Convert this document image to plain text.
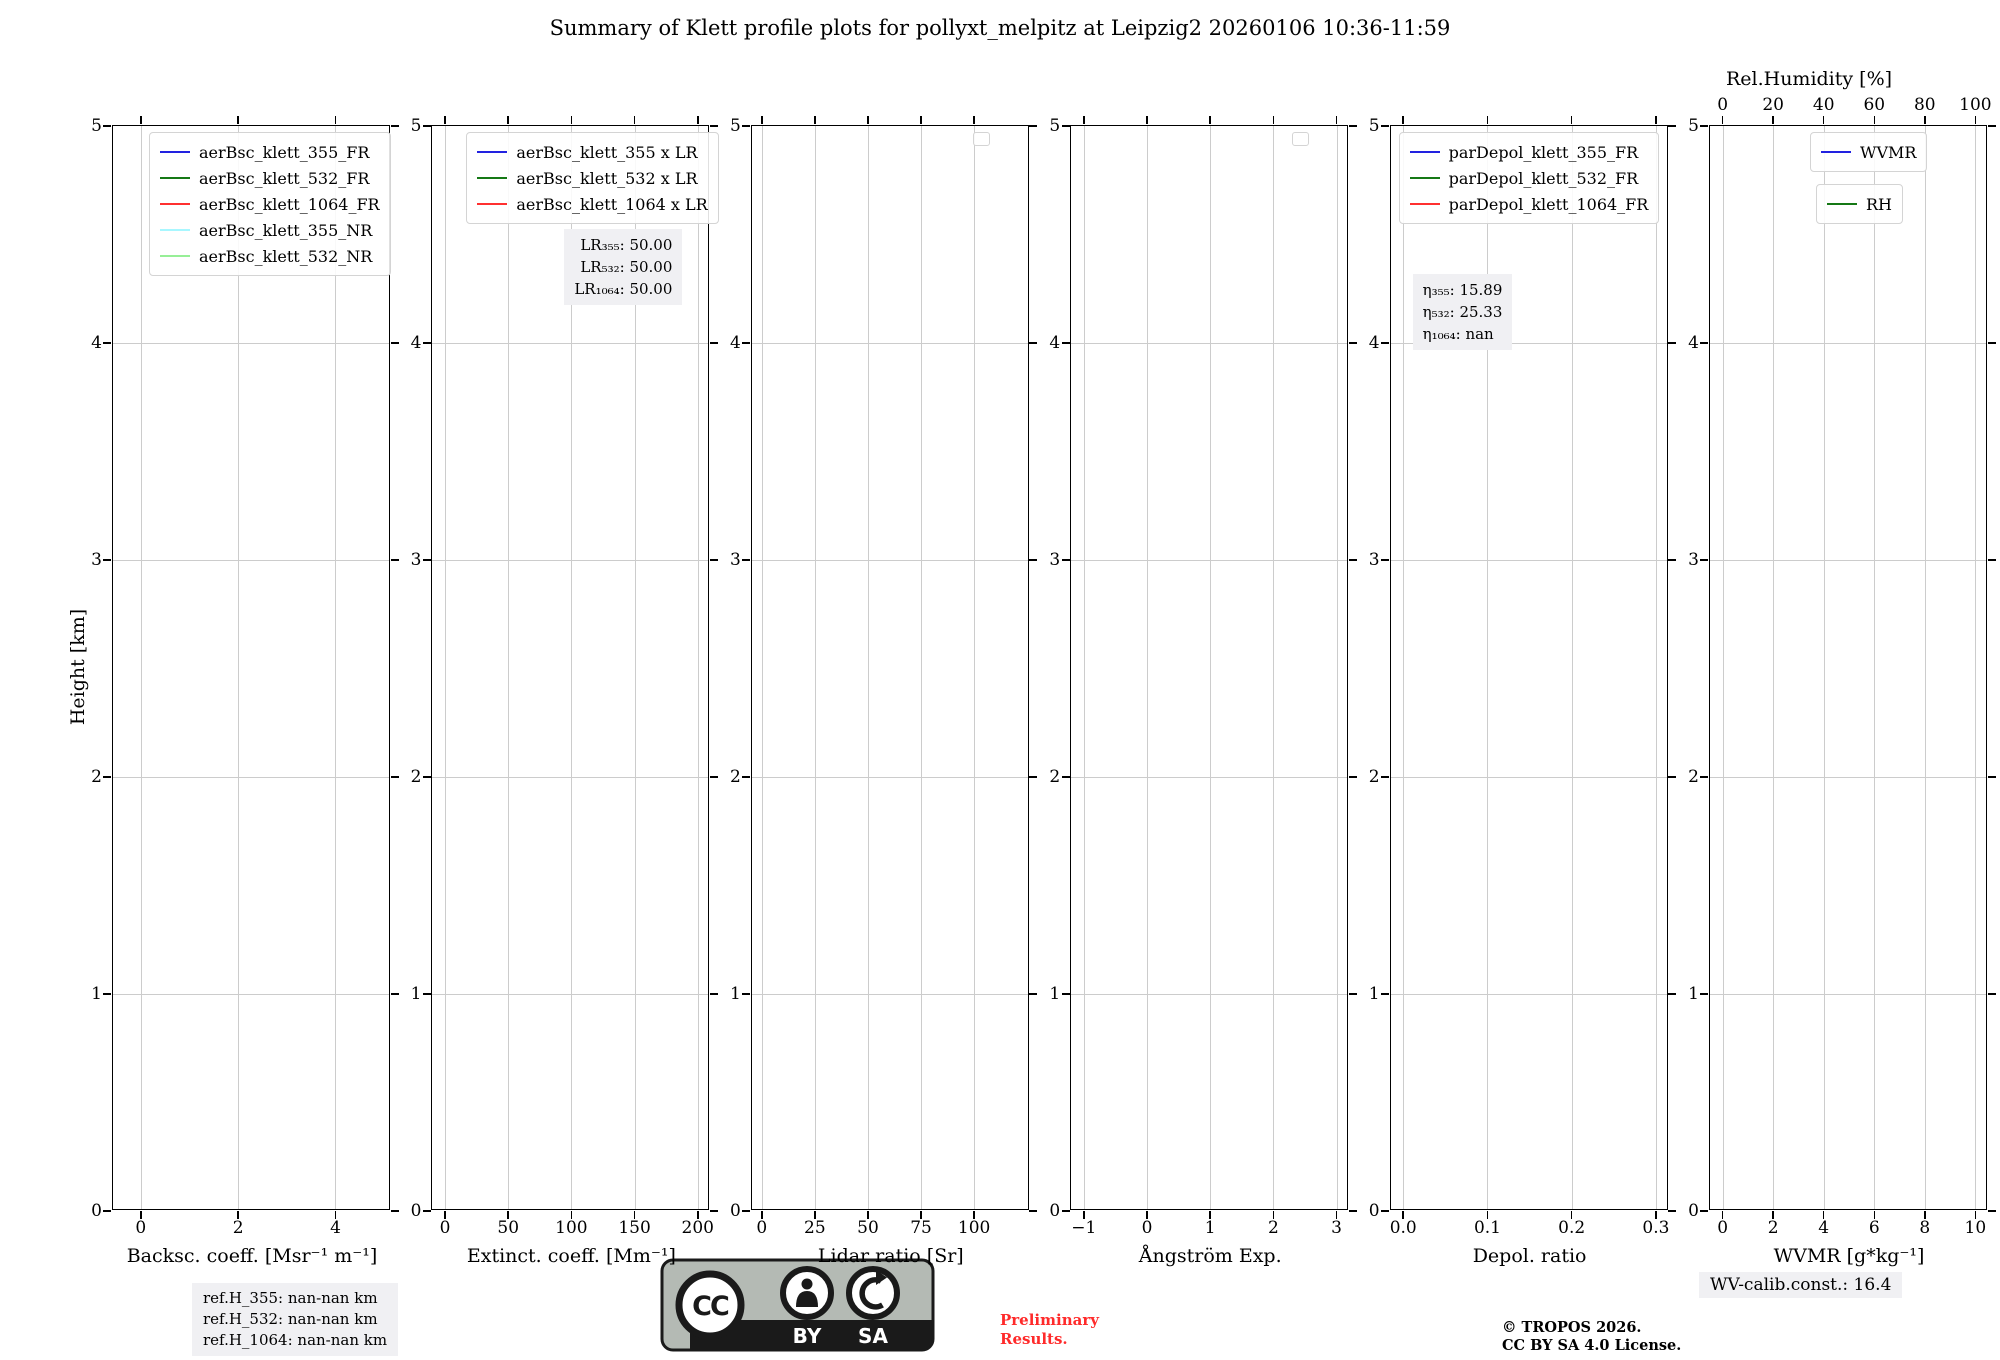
Summary of Klett profile plots for pollyxt_melpitz at Leipzig2 20260106 10:36-11:59
Height [km]
ref.H_355: nan-nan km
ref.H_532: nan-nan km
ref.H_1064: nan-nan km
CC
BY SA
Preliminary
Results.
© TROPOS 2026.
CC BY SA 4.0 License.
WV-calib.const.: 16.4
0	2	4
0
1
2
3
4
5
Backsc. coeff. [Msr⁻¹ m⁻¹]
aerBsc_klett_355_FR
aerBsc_klett_532_FR
aerBsc_klett_1064_FR
aerBsc_klett_355_NR
aerBsc_klett_532_NR
0	50 100 150 200
0
1
2
3
4
5
Extinct. coeff. [Mm⁻¹]
aerBsc_klett_355 x LR
aerBsc_klett_532 x LR
aerBsc_klett_1064 x LR
LR₃₅₅: 50.00
LR₅₃₂: 50.00
LR₁₀₆₄: 50.00
0 25 50 75 100
0
1
2
3
4
5
Lidar ratio [Sr]
−1	0	1	2	3
0
1
2
3
4
5
Ångström Exp.
0.0	0.1	0.2	0.3
0
1
2
3
4
5
Depol. ratio
parDepol_klett_355_FR
parDepol_klett_532_FR
parDepol_klett_1064_FR
η₃₅₅: 15.89
η₅₃₂: 25.33
η₁₀₆₄: nan
0 2 4 6 8 10
0
1
2
3
4
5
WVMR [g*kg⁻¹]
0 20 40 60 80 100
Rel.Humidity [%]
WVMR
RH
